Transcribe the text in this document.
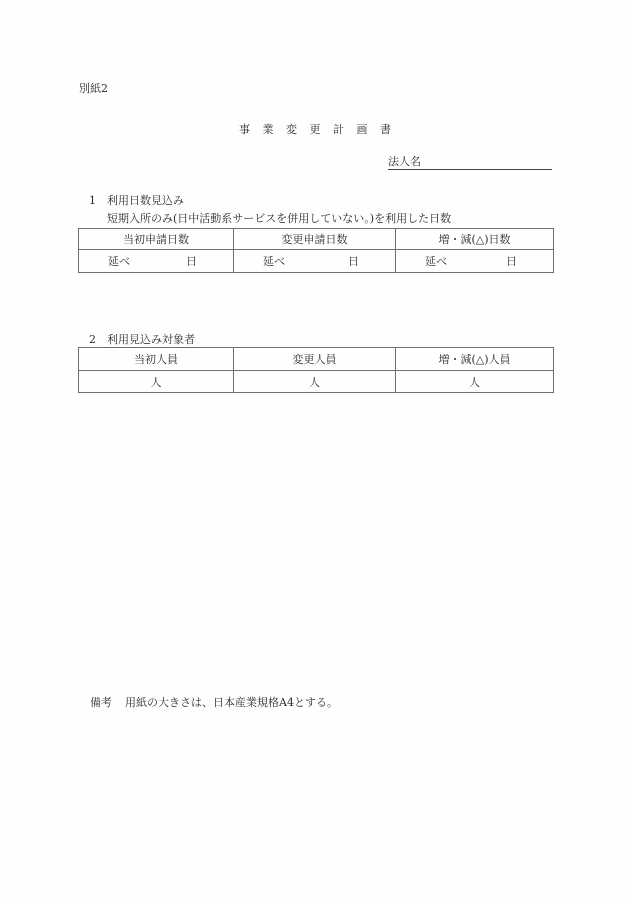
別紙2
事業変更計画書
法人名
1 利用日数見込み
短期入所のみ(日中活動系サービスを併用していない。)を利用した日数
当初申請日数	変更申請日数	増・減(△)日数

延べ 日	延べ 日	延べ 日
2 利用見込み対象者
当初人員	変更人員	増・減(△)人員
人	人	人
備考 用紙の大きさは、日本産業規格A4とする。
